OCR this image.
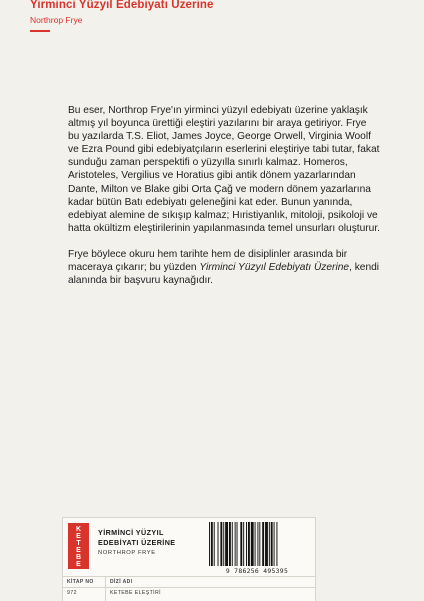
Yirminci Yüzyıl Edebiyatı Üzerine
Northrop Frye

Bu eser, Northrop Frye'ın yirminci yüzyıl edebiyatı üzerine yaklaşık altmış yıl boyunca ürettiği eleştiri yazılarını bir araya getiriyor. Frye bu yazılarda T.S. Eliot, James Joyce, George Orwell, Virginia Woolf ve Ezra Pound gibi edebiyatçıların eserlerini eleştiriye tabi tutar, fakat sunduğu zaman perspektifi o yüzyılla sınırlı kalmaz. Homeros, Aristoteles, Vergilius ve Horatius gibi antik dönem yazarlarından Dante, Milton ve Blake gibi Orta Çağ ve modern dönem yazarlarına kadar bütün Batı edebiyatı geleneğini kat eder. Bunun yanında, edebiyat alemine de sıkışıp kalmaz; Hıristiyanlık, mitoloji, psikoloji ve hatta okültizm eleştirilerinin yapılanmasında temel unsurları oluşturur.

Frye böylece okuru hem tarihte hem de disiplinler arasında bir maceraya çıkarır; bu yüzden Yirminci Yüzyıl Edebiyatı Üzerine, kendi alanında bir başvuru kaynağıdır.

K
E
T
E
B
E
YİRMİNCİ YÜZYIL
EDEBİYATI ÜZERİNE
NORTHROP FRYE
9 786256 495395
KİTAP NO	DİZİ ADI
972	KETEBE ELEŞTİRİ
